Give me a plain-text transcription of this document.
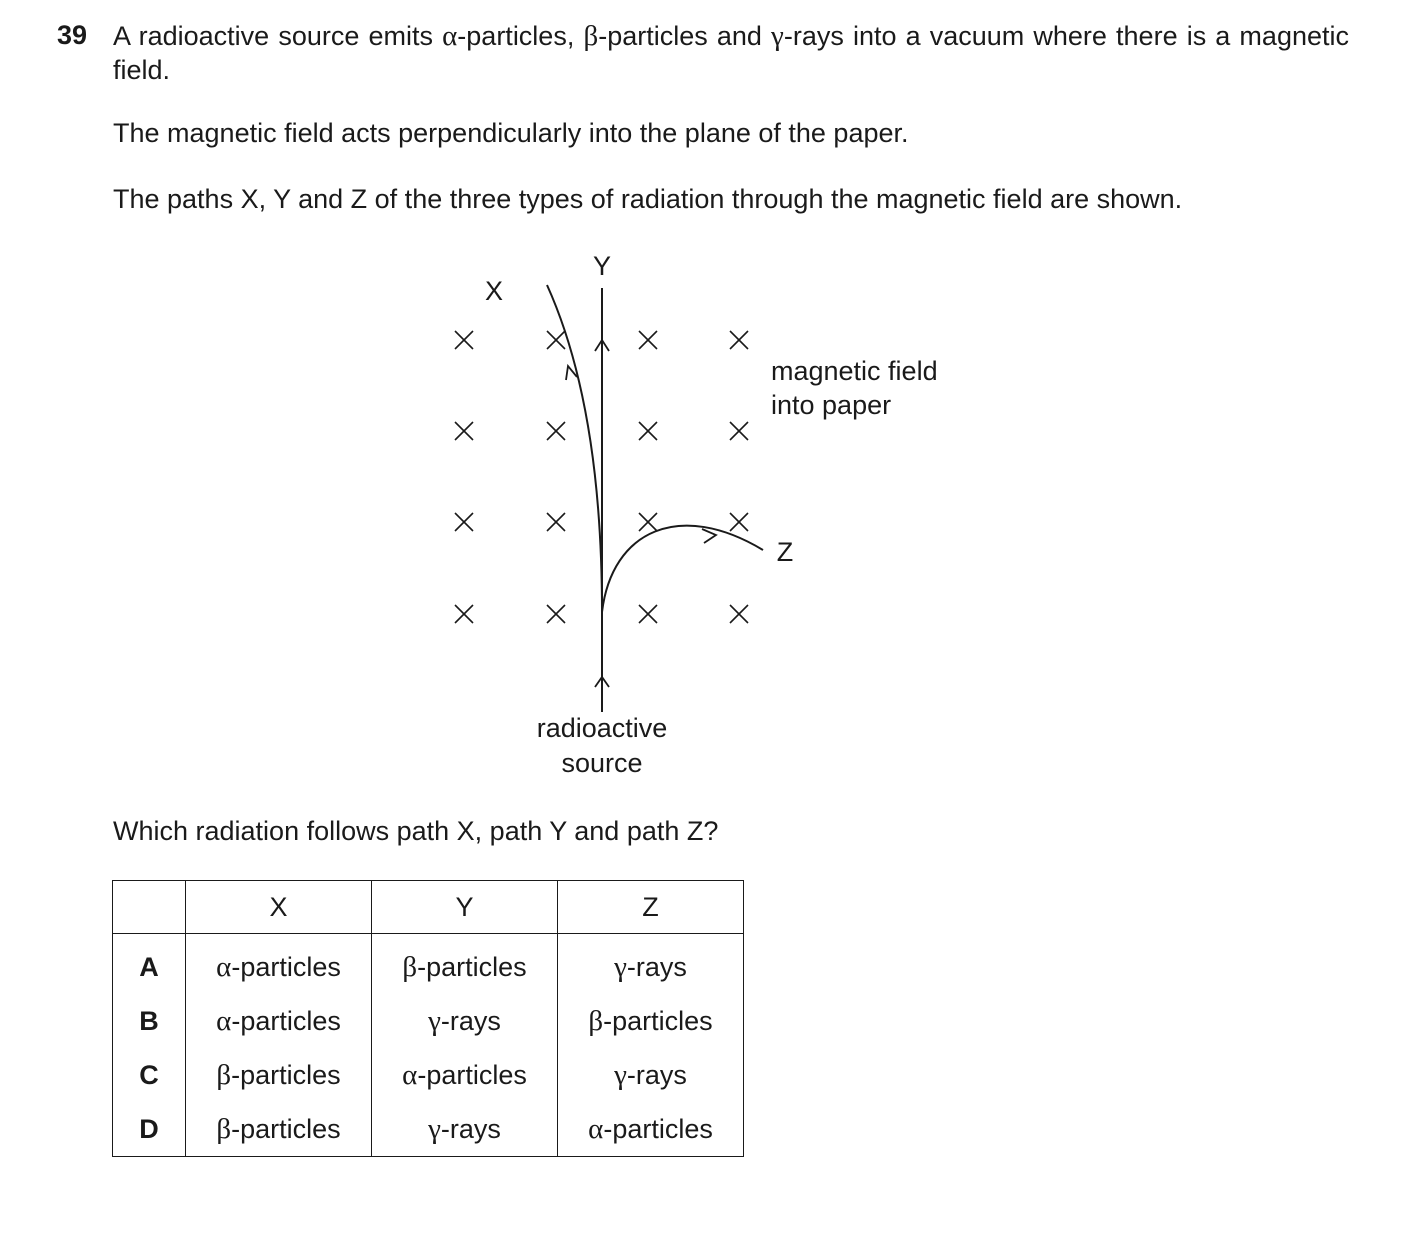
39 A radioactive source emits α-particles, β-particles and γ-rays into a vacuum where there is a magnetic field.
The magnetic field acts perpendicularly into the plane of the paper.
The paths X, Y and Z of the three types of radiation through the magnetic field are shown.
X
Y
Z
magnetic field
into paper
radioactive
source
Which radiation follows path X, path Y and path Z?
	X	Y	Z
A	α-particles	β-particles	γ-rays
B	α-particles	γ-rays	β-particles
C	β-particles	α-particles	γ-rays
D	β-particles	γ-rays	α-particles
